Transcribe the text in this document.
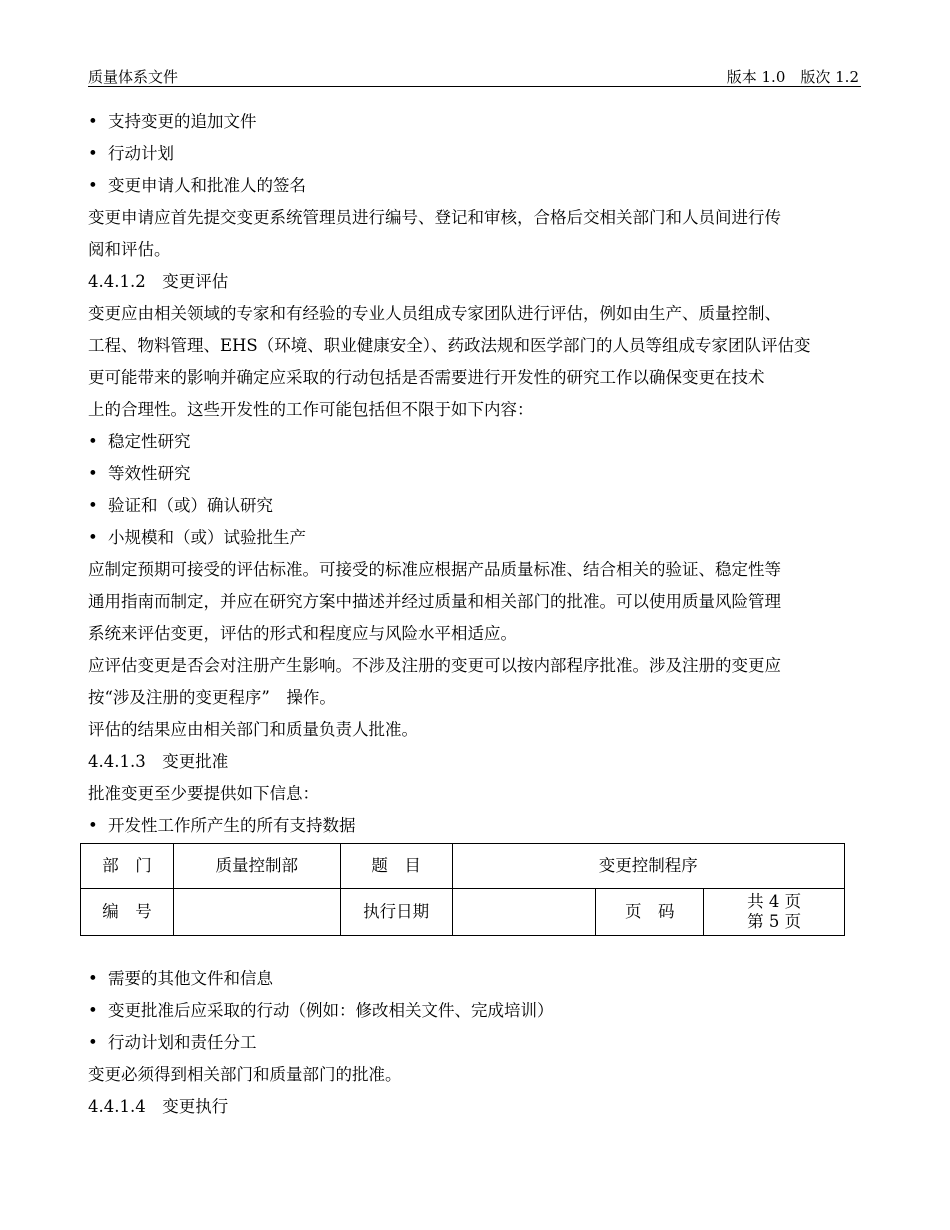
质量体系文件	版本 1.0　版次 1.2
• 支持变更的追加文件
• 行动计划
• 变更申请人和批准人的签名
变更申请应首先提交变更系统管理员进行编号、登记和审核，合格后交相关部门和人员间进行传
阅和评估。
4.4.1.2　变更评估
变更应由相关领域的专家和有经验的专业人员组成专家团队进行评估，例如由生产、质量控制、
工程、物料管理、EHS（环境、职业健康安全）、药政法规和医学部门的人员等组成专家团队评估变
更可能带来的影响并确定应采取的行动包括是否需要进行开发性的研究工作以确保变更在技术
上的合理性。这些开发性的工作可能包括但不限于如下内容：
• 稳定性研究
• 等效性研究
• 验证和（或）确认研究
• 小规模和（或）试验批生产
应制定预期可接受的评估标准。可接受的标准应根据产品质量标准、结合相关的验证、稳定性等
通用指南而制定，并应在研究方案中描述并经过质量和相关部门的批准。可以使用质量风险管理
系统来评估变更，评估的形式和程度应与风险水平相适应。
应评估变更是否会对注册产生影响。不涉及注册的变更可以按内部程序批准。涉及注册的变更应
按“涉及注册的变更程序”　操作。
评估的结果应由相关部门和质量负责人批准。
4.4.1.3　变更批准
批准变更至少要提供如下信息：
• 开发性工作所产生的所有支持数据
部　门	质量控制部	题　目	变更控制程序		
编　号		执行日期		页　码	共 4 页
第 5 页
• 需要的其他文件和信息
• 变更批准后应采取的行动（例如：修改相关文件、完成培训）
• 行动计划和责任分工
变更必须得到相关部门和质量部门的批准。
4.4.1.4　变更执行
